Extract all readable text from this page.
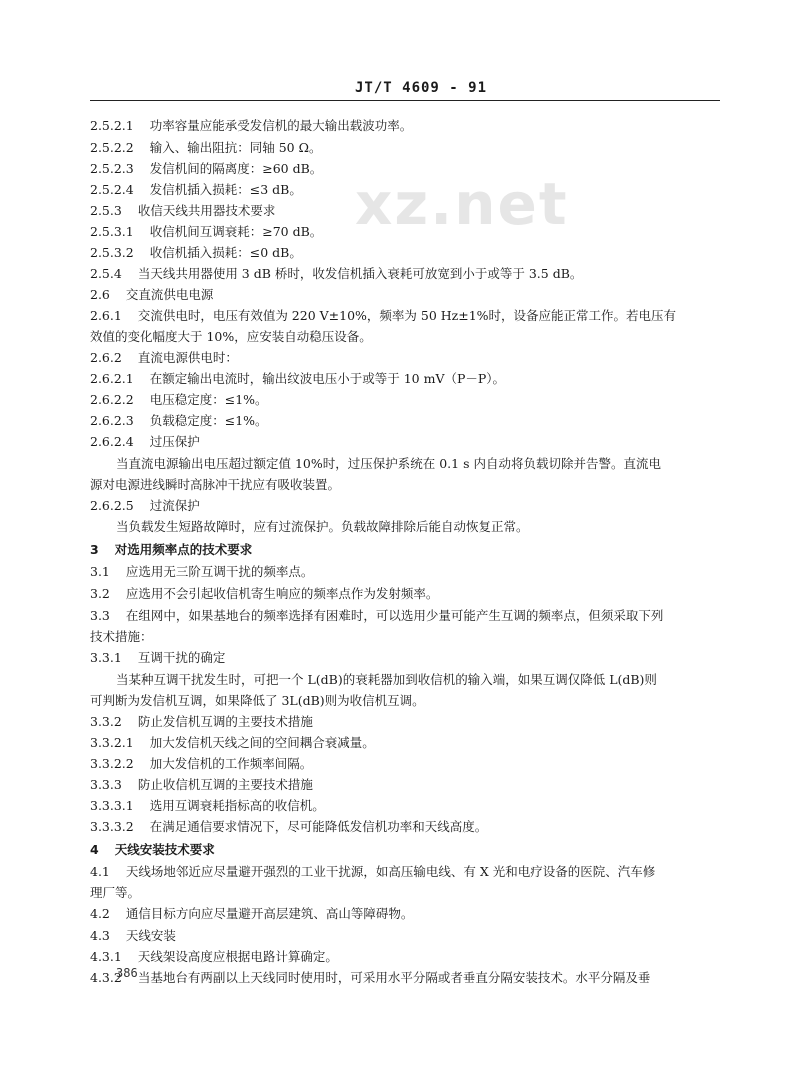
JT/T 4609 - 91
xz.net
2.5.2.1 功率容量应能承受发信机的最大输出载波功率。
2.5.2.2 输入、输出阻抗：同轴 50 Ω。
2.5.2.3 发信机间的隔离度：≥60 dB。
2.5.2.4 发信机插入损耗：≤3 dB。
2.5.3 收信天线共用器技术要求
2.5.3.1 收信机间互调衰耗：≥70 dB。
2.5.3.2 收信机插入损耗：≤0 dB。
2.5.4 当天线共用器使用 3 dB 桥时，收发信机插入衰耗可放宽到小于或等于 3.5 dB。
2.6 交直流供电电源
2.6.1 交流供电时，电压有效值为 220 V±10%，频率为 50 Hz±1%时，设备应能正常工作。若电压有
效值的变化幅度大于 10%，应安装自动稳压设备。
2.6.2 直流电源供电时：
2.6.2.1 在额定输出电流时，输出纹波电压小于或等于 10 mV（P－P）。
2.6.2.2 电压稳定度：≤1%。
2.6.2.3 负载稳定度：≤1%。
2.6.2.4 过压保护
当直流电源输出电压超过额定值 10%时，过压保护系统在 0.1 s 内自动将负载切除并告警。直流电
源对电源进线瞬时高脉冲干扰应有吸收装置。
2.6.2.5 过流保护
当负载发生短路故障时，应有过流保护。负载故障排除后能自动恢复正常。
3 对选用频率点的技术要求
3.1 应选用无三阶互调干扰的频率点。
3.2 应选用不会引起收信机寄生响应的频率点作为发射频率。
3.3 在组网中，如果基地台的频率选择有困难时，可以选用少量可能产生互调的频率点，但须采取下列
技术措施：
3.3.1 互调干扰的确定
当某种互调干扰发生时，可把一个 L(dB)的衰耗器加到收信机的输入端，如果互调仅降低 L(dB)则
可判断为发信机互调，如果降低了 3L(dB)则为收信机互调。
3.3.2 防止发信机互调的主要技术措施
3.3.2.1 加大发信机天线之间的空间耦合衰减量。
3.3.2.2 加大发信机的工作频率间隔。
3.3.3 防止收信机互调的主要技术措施
3.3.3.1 选用互调衰耗指标高的收信机。
3.3.3.2 在满足通信要求情况下，尽可能降低发信机功率和天线高度。
4 天线安装技术要求
4.1 天线场地邻近应尽量避开强烈的工业干扰源，如高压输电线、有 X 光和电疗设备的医院、汽车修
理厂等。
4.2 通信目标方向应尽量避开高层建筑、高山等障碍物。
4.3 天线安装
4.3.1 天线架设高度应根据电路计算确定。
4.3.2 当基地台有两副以上天线同时使用时，可采用水平分隔或者垂直分隔安装技术。水平分隔及垂
386
